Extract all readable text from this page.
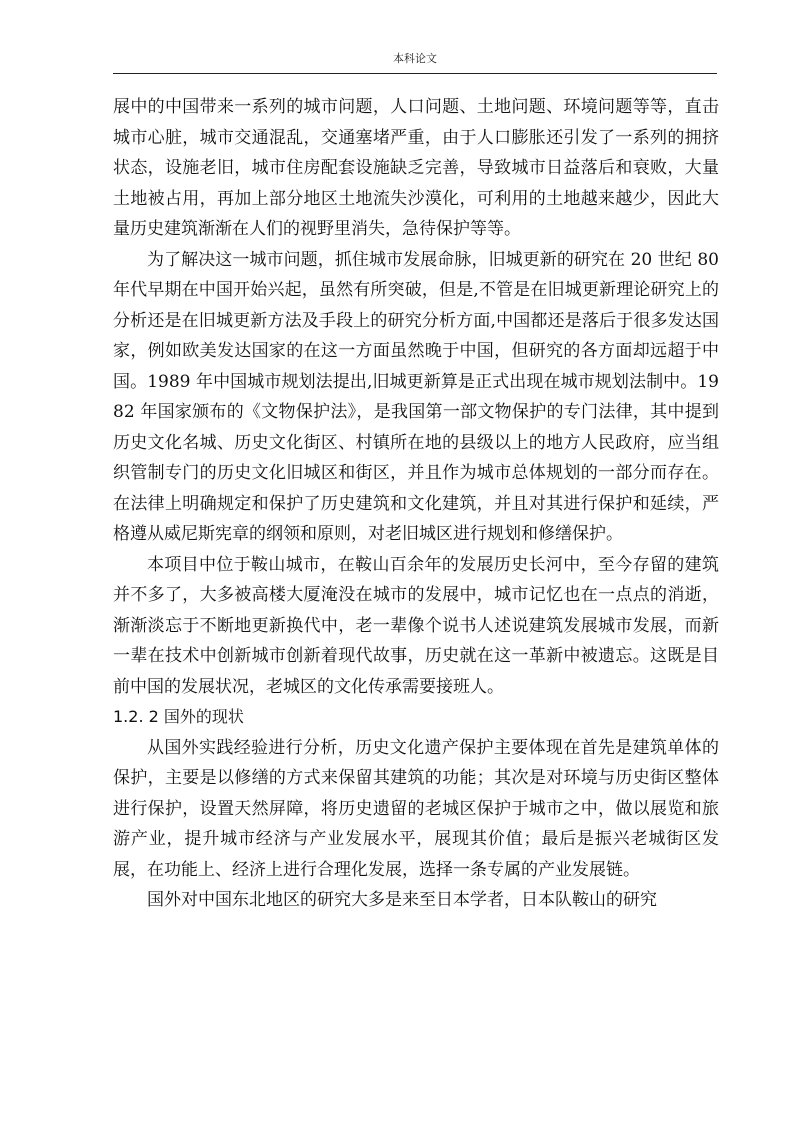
本科论文

展中的中国带来一系列的城市问题，人口问题、土地问题、环境问题等等，直击城市心脏，城市交通混乱，交通塞堵严重，由于人口膨胀还引发了一系列的拥挤状态，设施老旧，城市住房配套设施缺乏完善，导致城市日益落后和衰败，大量土地被占用，再加上部分地区土地流失沙漠化，可利用的土地越来越少，因此大量历史建筑渐渐在人们的视野里消失，急待保护等等。

为了解决这一城市问题，抓住城市发展命脉，旧城更新的研究在 20 世纪 80 年代早期在中国开始兴起，虽然有所突破，但是,不管是在旧城更新理论研究上的分析还是在旧城更新方法及手段上的研究分析方面,中国都还是落后于很多发达国家，例如欧美发达国家的在这一方面虽然晚于中国，但研究的各方面却远超于中国。1989 年中国城市规划法提出,旧城更新算是正式出现在城市规划法制中。1982 年国家颁布的《文物保护法》，是我国第一部文物保护的专门法律，其中提到历史文化名城、历史文化街区、村镇所在地的县级以上的地方人民政府，应当组织管制专门的历史文化旧城区和街区，并且作为城市总体规划的一部分而存在。在法律上明确规定和保护了历史建筑和文化建筑，并且对其进行保护和延续，严格遵从威尼斯宪章的纲领和原则，对老旧城区进行规划和修缮保护。

本项目中位于鞍山城市，在鞍山百余年的发展历史长河中，至今存留的建筑并不多了，大多被高楼大厦淹没在城市的发展中，城市记忆也在一点点的消逝，渐渐淡忘于不断地更新换代中，老一辈像个说书人述说建筑发展城市发展，而新一辈在技术中创新城市创新着现代故事，历史就在这一革新中被遗忘。这既是目前中国的发展状况，老城区的文化传承需要接班人。

1.2. 2 国外的现状

从国外实践经验进行分析，历史文化遗产保护主要体现在首先是建筑单体的保护，主要是以修缮的方式来保留其建筑的功能；其次是对环境与历史街区整体进行保护，设置天然屏障，将历史遗留的老城区保护于城市之中，做以展览和旅游产业，提升城市经济与产业发展水平，展现其价值；最后是振兴老城街区发展，在功能上、经济上进行合理化发展，选择一条专属的产业发展链。

国外对中国东北地区的研究大多是来至日本学者，日本队鞍山的研究
